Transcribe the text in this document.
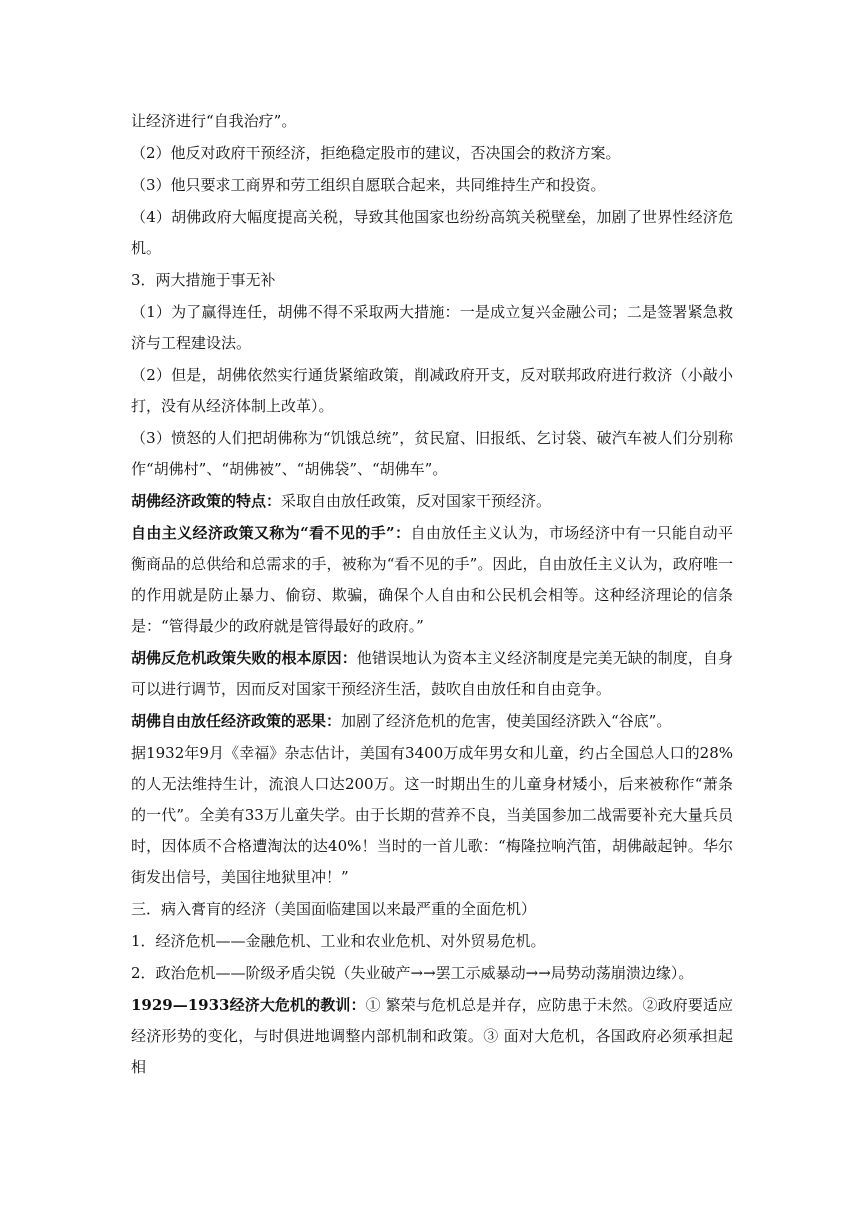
让经济进行“自我治疗”。

（2）他反对政府干预经济，拒绝稳定股市的建议，否决国会的救济方案。

（3）他只要求工商界和劳工组织自愿联合起来，共同维持生产和投资。

（4）胡佛政府大幅度提高关税，导致其他国家也纷纷高筑关税壁垒，加剧了世界性经济危机。

3．两大措施于事无补

（1）为了赢得连任，胡佛不得不采取两大措施：一是成立复兴金融公司；二是签署紧急救济与工程建设法。

（2）但是，胡佛依然实行通货紧缩政策，削减政府开支，反对联邦政府进行救济（小敲小打，没有从经济体制上改革）。

（3）愤怒的人们把胡佛称为“饥饿总统”，贫民窟、旧报纸、乞讨袋、破汽车被人们分别称作“胡佛村”、“胡佛被”、“胡佛袋”、“胡佛车”。

胡佛经济政策的特点：采取自由放任政策，反对国家干预经济。

自由主义经济政策又称为“看不见的手”：自由放任主义认为，市场经济中有一只能自动平衡商品的总供给和总需求的手，被称为“看不见的手”。因此，自由放任主义认为，政府唯一的作用就是防止暴力、偷窃、欺骗，确保个人自由和公民机会相等。这种经济理论的信条是：“管得最少的政府就是管得最好的政府。”

胡佛反危机政策失败的根本原因：他错误地认为资本主义经济制度是完美无缺的制度，自身可以进行调节，因而反对国家干预经济生活，鼓吹自由放任和自由竞争。

胡佛自由放任经济政策的恶果：加剧了经济危机的危害，使美国经济跌入“谷底”。

据1932年9月《幸福》杂志估计，美国有3400万成年男女和儿童，约占全国总人口的28%的人无法维持生计，流浪人口达200万。这一时期出生的儿童身材矮小，后来被称作“萧条的一代”。全美有33万儿童失学。由于长期的营养不良，当美国参加二战需要补充大量兵员时，因体质不合格遭淘汰的达40%！当时的一首儿歌：“梅隆拉响汽笛，胡佛敲起钟。华尔街发出信号，美国往地狱里冲！”

三．病入膏肓的经济（美国面临建国以来最严重的全面危机）

1．经济危机——金融危机、工业和农业危机、对外贸易危机。

2．政治危机——阶级矛盾尖锐（失业破产→→罢工示威暴动→→局势动荡崩溃边缘）。

1929—1933经济大危机的教训：① 繁荣与危机总是并存，应防患于未然。②政府要适应经济形势的变化，与时俱进地调整内部机制和政策。③ 面对大危机，各国政府必须承担起相
